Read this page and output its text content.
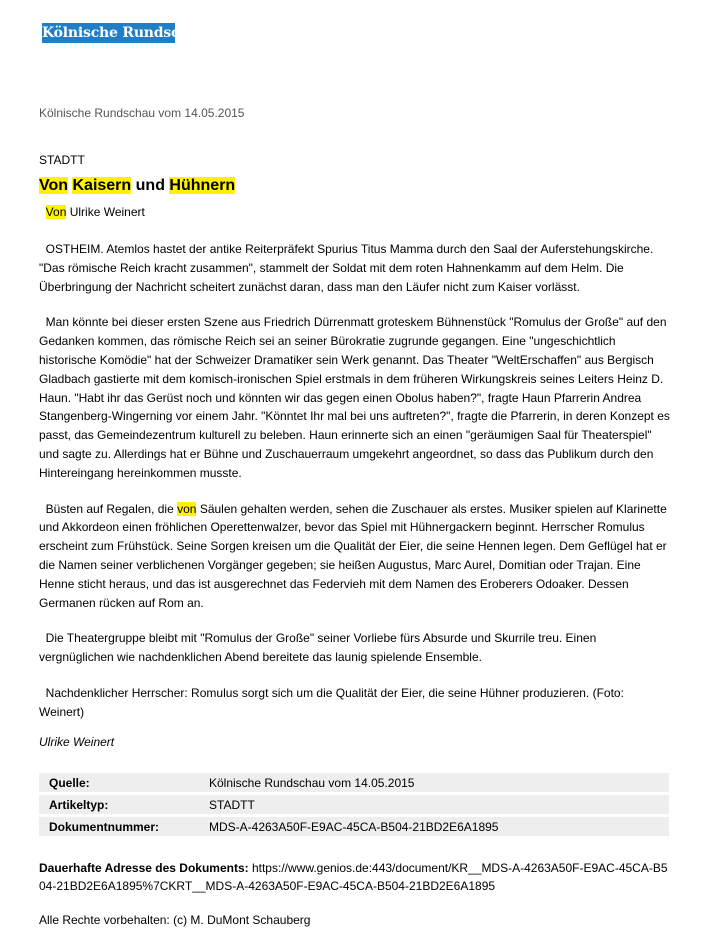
Kölnische Rundschau
Kölnische Rundschau vom 14.05.2015
STADTT
Von Kaisern und Hühnern
Von Ulrike Weinert

OSTHEIM. Atemlos hastet der antike Reiterpräfekt Spurius Titus Mamma durch den Saal der Auferstehungskirche. "Das römische Reich kracht zusammen", stammelt der Soldat mit dem roten Hahnenkamm auf dem Helm. Die Überbringung der Nachricht scheitert zunächst daran, dass man den Läufer nicht zum Kaiser vorlässt.

Man könnte bei dieser ersten Szene aus Friedrich Dürrenmatt groteskem Bühnenstück "Romulus der Große" auf den Gedanken kommen, das römische Reich sei an seiner Bürokratie zugrunde gegangen. Eine "ungeschichtlich historische Komödie" hat der Schweizer Dramatiker sein Werk genannt. Das Theater "WeltErschaffen" aus Bergisch Gladbach gastierte mit dem komisch-ironischen Spiel erstmals in dem früheren Wirkungskreis seines Leiters Heinz D. Haun. "Habt ihr das Gerüst noch und könnten wir das gegen einen Obolus haben?", fragte Haun Pfarrerin Andrea Stangenberg-Wingerning vor einem Jahr. "Könntet Ihr mal bei uns auftreten?", fragte die Pfarrerin, in deren Konzept es passt, das Gemeindezentrum kulturell zu beleben. Haun erinnerte sich an einen "geräumigen Saal für Theaterspiel" und sagte zu. Allerdings hat er Bühne und Zuschauerraum umgekehrt angeordnet, so dass das Publikum durch den Hintereingang hereinkommen musste.

Büsten auf Regalen, die von Säulen gehalten werden, sehen die Zuschauer als erstes. Musiker spielen auf Klarinette und Akkordeon einen fröhlichen Operettenwalzer, bevor das Spiel mit Hühnergackern beginnt. Herrscher Romulus erscheint zum Frühstück. Seine Sorgen kreisen um die Qualität der Eier, die seine Hennen legen. Dem Geflügel hat er die Namen seiner verblichenen Vorgänger gegeben; sie heißen Augustus, Marc Aurel, Domitian oder Trajan. Eine Henne sticht heraus, und das ist ausgerechnet das Federvieh mit dem Namen des Eroberers Odoaker. Dessen Germanen rücken auf Rom an.

Die Theatergruppe bleibt mit "Romulus der Große" seiner Vorliebe fürs Absurde und Skurrile treu. Einen vergnüglichen wie nachdenklichen Abend bereitete das launig spielende Ensemble.

Nachdenklicher Herrscher: Romulus sorgt sich um die Qualität der Eier, die seine Hühner produzieren. (Foto: Weinert)

Ulrike Weinert
Quelle:	Kölnische Rundschau vom 14.05.2015
Artikeltyp:	STADTT
Dokumentnummer:	MDS-A-4263A50F-E9AC-45CA-B504-21BD2E6A1895
Dauerhafte Adresse des Dokuments: https://www.genios.de:443/document/KR__MDS-A-4263A50F-E9AC-45CA-B504-21BD2E6A1895%7CKRT__MDS-A-4263A50F-E9AC-45CA-B504-21BD2E6A1895
Alle Rechte vorbehalten: (c) M. DuMont Schauberg
